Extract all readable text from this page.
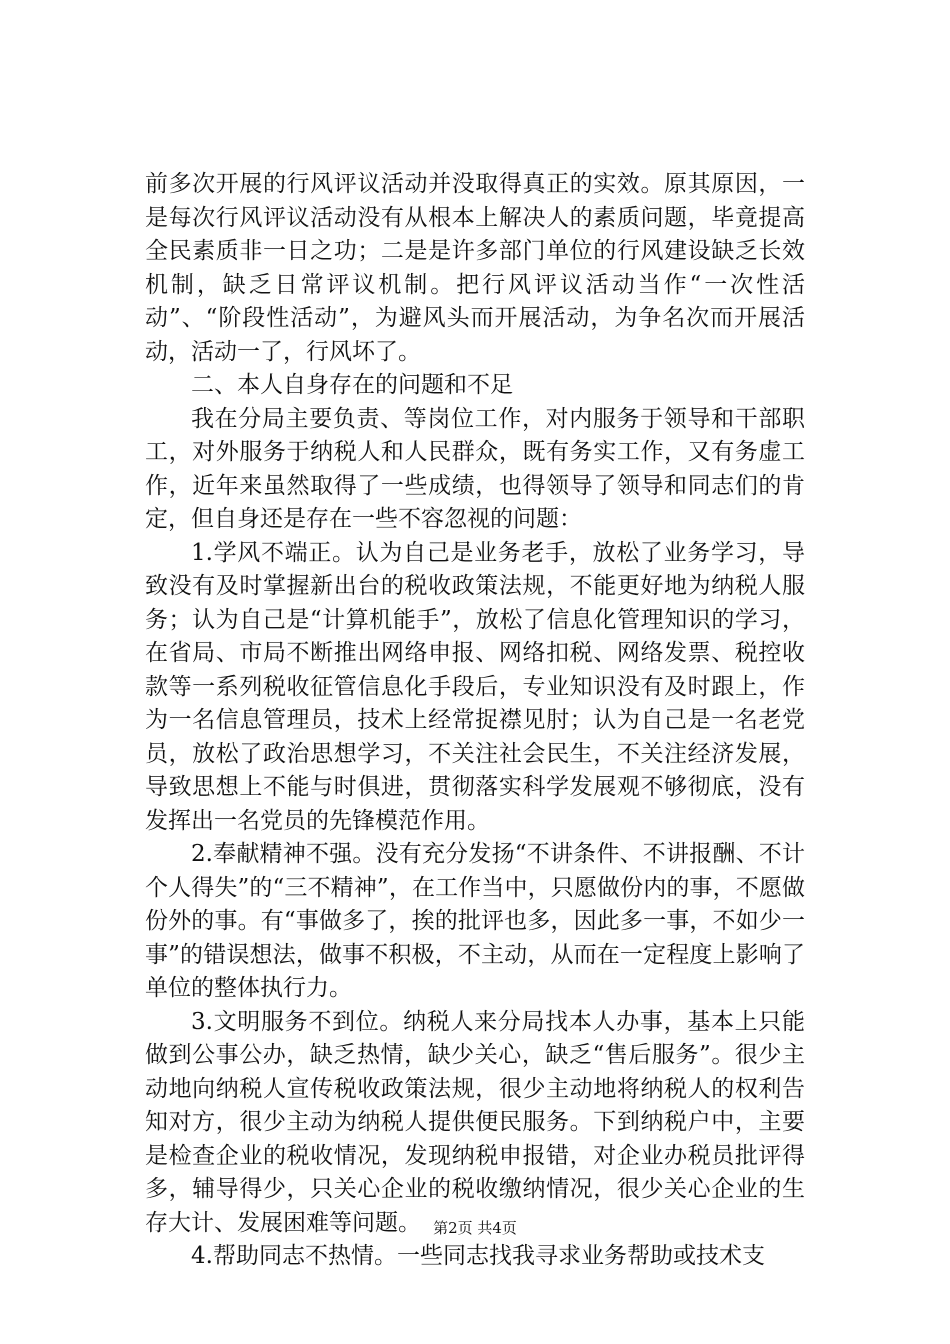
前多次开展的行风评议活动并没取得真正的实效。原其原因，一是每次行风评议活动没有从根本上解决人的素质问题，毕竟提高全民素质非一日之功；二是是许多部门单位的行风建设缺乏长效机制，缺乏日常评议机制。把行风评议活动当作“一次性活动”、“阶段性活动”，为避风头而开展活动，为争名次而开展活动，活动一了，行风坏了。

二、本人自身存在的问题和不足

我在分局主要负责、等岗位工作，对内服务于领导和干部职工，对外服务于纳税人和人民群众，既有务实工作，又有务虚工作，近年来虽然取得了一些成绩，也得领导了领导和同志们的肯定，但自身还是存在一些不容忽视的问题：

1.学风不端正。认为自己是业务老手，放松了业务学习，导致没有及时掌握新出台的税收政策法规，不能更好地为纳税人服务；认为自己是“计算机能手”，放松了信息化管理知识的学习，在省局、市局不断推出网络申报、网络扣税、网络发票、税控收款等一系列税收征管信息化手段后，专业知识没有及时跟上，作为一名信息管理员，技术上经常捉襟见肘；认为自己是一名老党员，放松了政治思想学习，不关注社会民生，不关注经济发展，导致思想上不能与时俱进，贯彻落实科学发展观不够彻底，没有发挥出一名党员的先锋模范作用。

2.奉献精神不强。没有充分发扬“不讲条件、不讲报酬、不计个人得失”的“三不精神”，在工作当中，只愿做份内的事，不愿做份外的事。有“事做多了，挨的批评也多，因此多一事，不如少一事”的错误想法，做事不积极，不主动，从而在一定程度上影响了单位的整体执行力。

3.文明服务不到位。纳税人来分局找本人办事，基本上只能做到公事公办，缺乏热情，缺少关心，缺乏“售后服务”。很少主动地向纳税人宣传税收政策法规，很少主动地将纳税人的权利告知对方，很少主动为纳税人提供便民服务。下到纳税户中，主要是检查企业的税收情况，发现纳税申报错，对企业办税员批评得多，辅导得少，只关心企业的税收缴纳情况，很少关心企业的生存大计、发展困难等问题。

4.帮助同志不热情。一些同志找我寻求业务帮助或技术支

第2页 共4页
